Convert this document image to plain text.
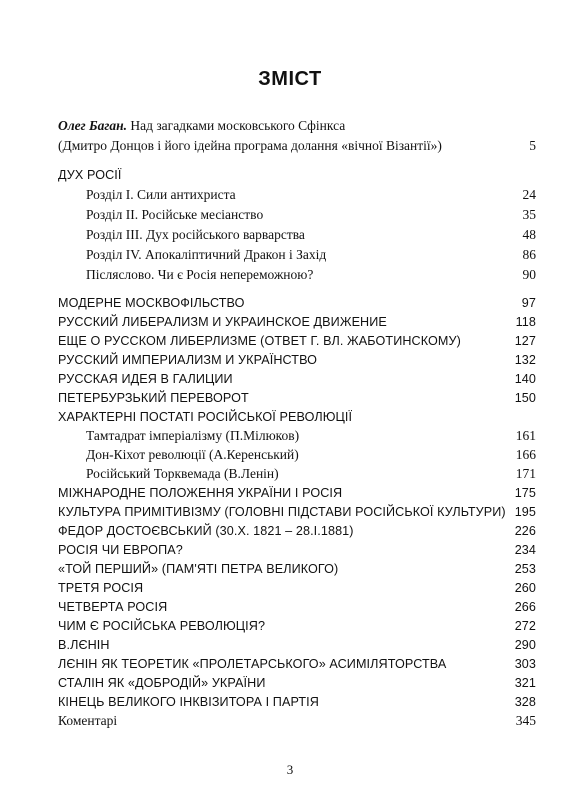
ЗМІСТ
Олег Баган. Над загадками московського Сфінкса
(Дмитро Донцов і його ідейна програма долання «вічної Візантії»)	5
ДУХ РОСІЇ
Розділ І. Сили антихриста	24
Розділ ІІ. Російське месіанство	35
Розділ ІІІ. Дух російського варварства	48
Розділ ІV. Апокаліптичний Дракон і Захід	86
Післяслово. Чи є Росія непереможною?	90
МОДЕРНЕ МОСКВОФІЛЬСТВО	97
РУССКИЙ ЛИБЕРАЛИЗМ И УКРАИНСКОЕ ДВИЖЕНИЕ	118
ЕЩЕ О РУССКОМ ЛИБЕРЛИЗМЕ (ОТВЕТ Г. ВЛ. ЖАБОТИНСКОМУ)	127
РУССКИЙ ИМПЕРИАЛИЗМ И УКРАЇНСТВО	132
РУССКАЯ ИДЕЯ В ГАЛИЦИИ	140
ПЕТЕРБУРЗЬКИЙ ПЕРЕВОРОТ	150
ХАРАКТЕРНІ ПОСТАТІ РОСІЙСЬКОЇ РЕВОЛЮЦІЇ
Тамтадрат імперіалізму (П.Мілюков)	161
Дон-Кіхот революції (А.Керенський)	166
Російський Торквемада (В.Ленін)	171
МІЖНАРОДНЕ ПОЛОЖЕННЯ УКРАЇНИ І РОСІЯ	175
КУЛЬТУРА ПРИМІТИВІЗМУ (ГОЛОВНІ ПІДСТАВИ РОСІЙСЬКОЇ КУЛЬТУРИ) 195
ФЕДОР ДОСТОЄВСЬКИЙ (30.X. 1821 – 28.I.1881)	226
РОСІЯ ЧИ ЕВРОПА?	234
«ТОЙ ПЕРШИЙ» (ПАМ'ЯТІ ПЕТРА ВЕЛИКОГО)	253
ТРЕТЯ РОСІЯ	260
ЧЕТВЕРТА РОСІЯ	266
ЧИМ Є РОСІЙСЬКА РЕВОЛЮЦІЯ?	272
В.ЛЄНІН	290
ЛЄНІН ЯК ТЕОРЕТИК «ПРОЛЕТАРСЬКОГО» АСИМІЛЯТОРСТВА	303
СТАЛІН ЯК «ДОБРОДІЙ» УКРАЇНИ	321
КІНЕЦЬ ВЕЛИКОГО ІНКВІЗИТОРА І ПАРТІЯ	328
Коментарі	345
3
